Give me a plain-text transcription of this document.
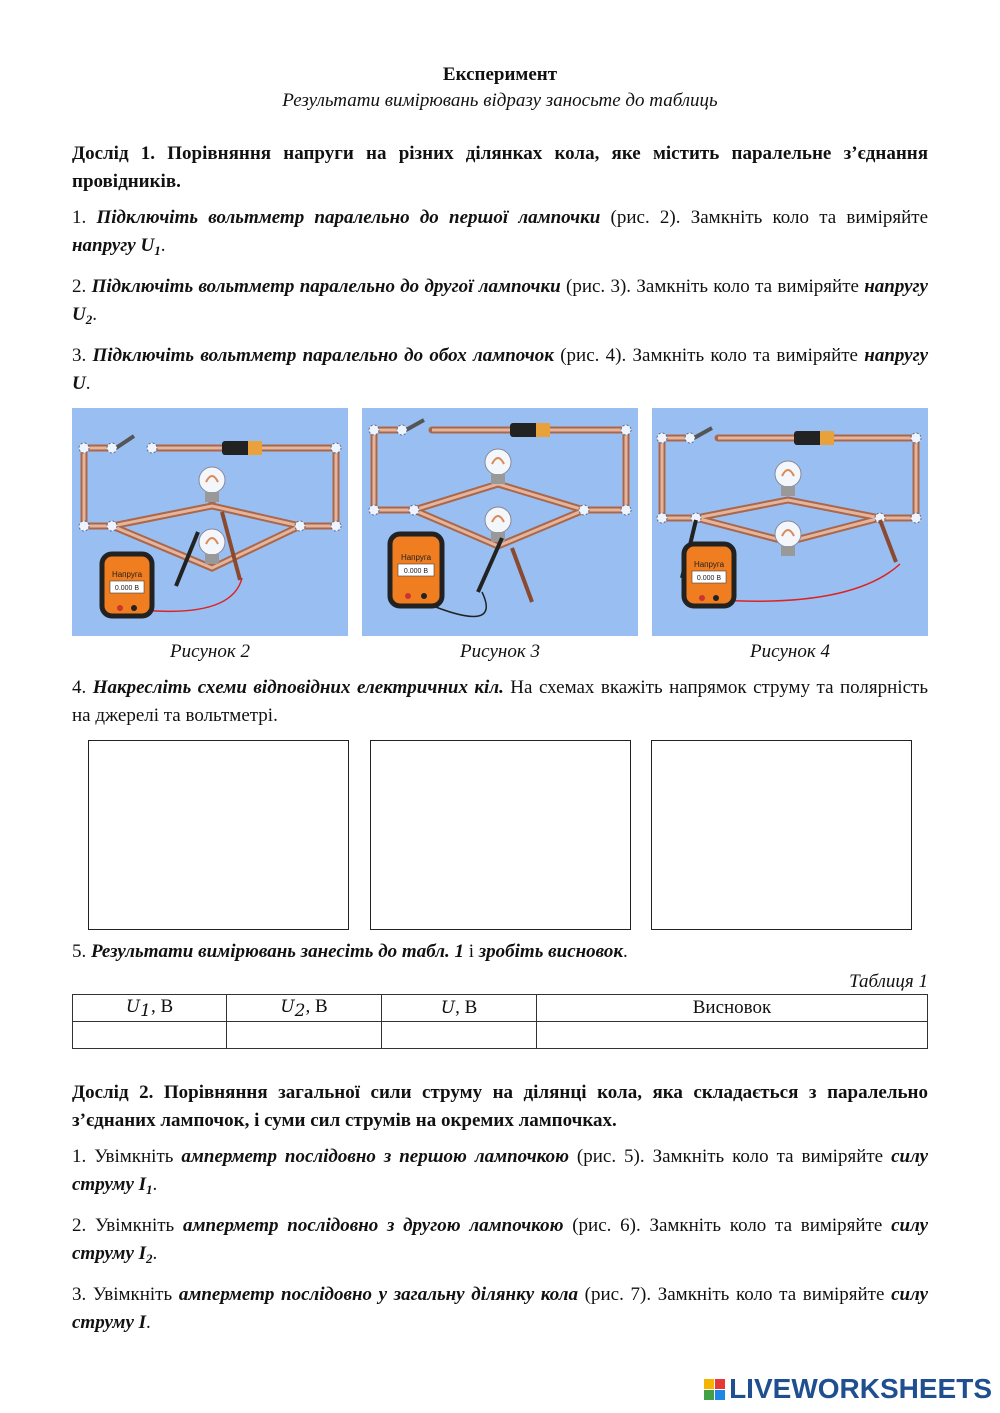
Експеримент
Результати вимірювань відразу заносьте до таблиць
Дослід 1. Порівняння напруги на різних ділянках кола, яке містить паралельне з’єднання провідників.
1. Підключіть вольтметр паралельно до першої лампочки (рис. 2). Замкніть коло та виміряйте напругу $U_1$.
2. Підключіть вольтметр паралельно до другої лампочки (рис. 3). Замкніть коло та виміряйте напругу $U_2$.
3. Підключіть вольтметр паралельно до обох лампочок (рис. 4). Замкніть коло та виміряйте напругу U.
Напруга
0.000 В
Рисунок 2
Напруга
0.000 В
Рисунок 3
Напруга
0.000 В
Рисунок 4
4. Накресліть схеми відповідних електричних кіл. На схемах вкажіть напрямок струму та полярність на джерелі та вольтметрі.
5. Результати вимірювань занесіть до табл. 1 і зробіть висновок.
Таблиця 1
U1, В	U2, В	U, В	Висновок

Дослід 2. Порівняння загальної сили струму на ділянці кола, яка складається з паралельно з’єднаних лампочок, і суми сил струмів на окремих лампочках.
1. Увімкніть амперметр послідовно з першою лампочкою (рис. 5). Замкніть коло та виміряйте силу струму $I_1$.
2. Увімкніть амперметр послідовно з другою лампочкою (рис. 6). Замкніть коло та виміряйте силу струму $I_2$.
3. Увімкніть амперметр послідовно у загальну ділянку кола (рис. 7). Замкніть коло та виміряйте силу струму I.
LIVEWORKSHEETS
